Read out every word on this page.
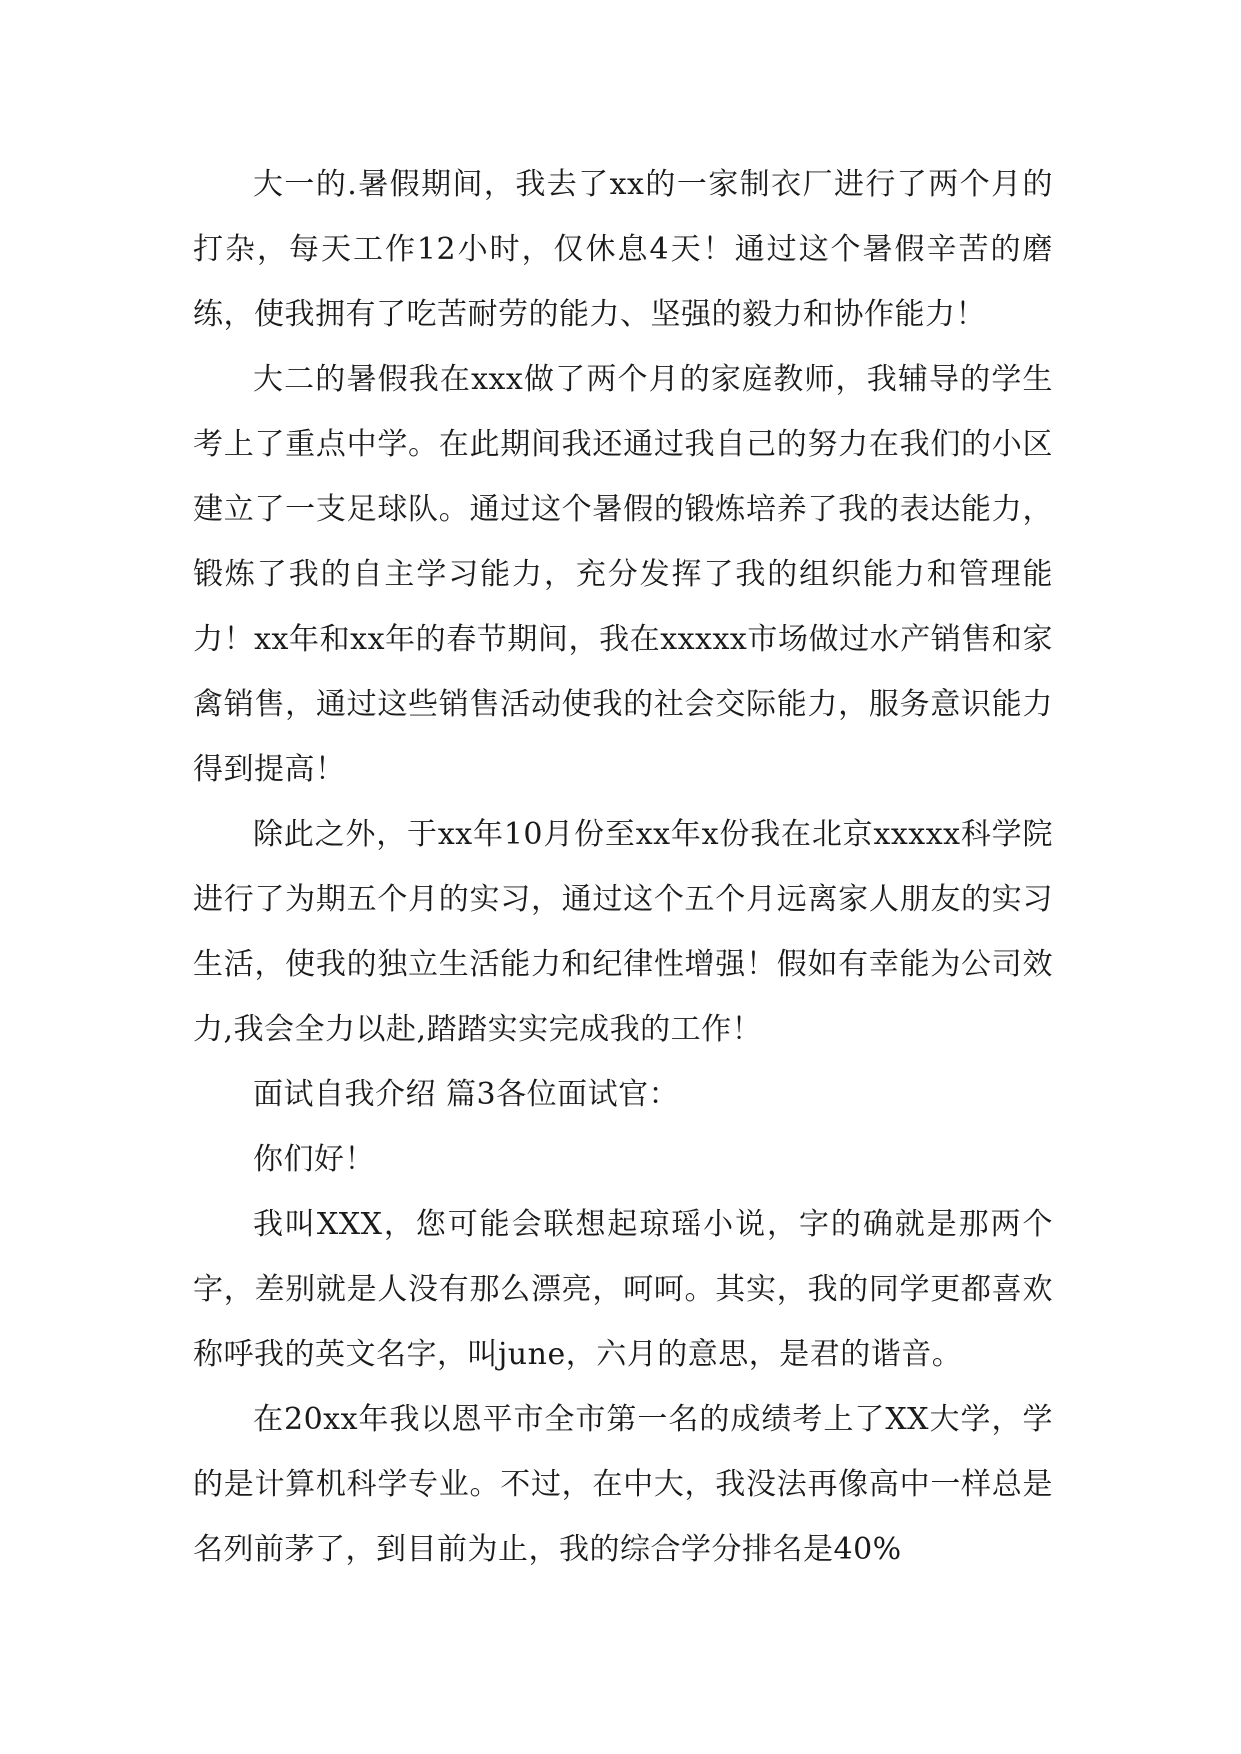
大一的.暑假期间，我去了xx的一家制衣厂进行了两个月的打杂，每天工作12小时，仅休息4天！通过这个暑假辛苦的磨练，使我拥有了吃苦耐劳的能力、坚强的毅力和协作能力！

大二的暑假我在xxx做了两个月的家庭教师，我辅导的学生考上了重点中学。在此期间我还通过我自己的努力在我们的小区建立了一支足球队。通过这个暑假的锻炼培养了我的表达能力，锻炼了我的自主学习能力，充分发挥了我的组织能力和管理能力！xx年和xx年的春节期间，我在xxxxx市场做过水产销售和家禽销售，通过这些销售活动使我的社会交际能力，服务意识能力得到提高！

除此之外，于xx年10月份至xx年x份我在北京xxxxx科学院进行了为期五个月的实习，通过这个五个月远离家人朋友的实习生活，使我的独立生活能力和纪律性增强！假如有幸能为公司效力,我会全力以赴,踏踏实实完成我的工作！

面试自我介绍 篇3各位面试官：

你们好！

我叫XXX，您可能会联想起琼瑶小说，字的确就是那两个字，差别就是人没有那么漂亮，呵呵。其实，我的同学更都喜欢称呼我的英文名字，叫june，六月的意思，是君的谐音。

在20xx年我以恩平市全市第一名的成绩考上了XX大学，学的是计算机科学专业。不过，在中大，我没法再像高中一样总是名列前茅了，到目前为止，我的综合学分排名是40%
